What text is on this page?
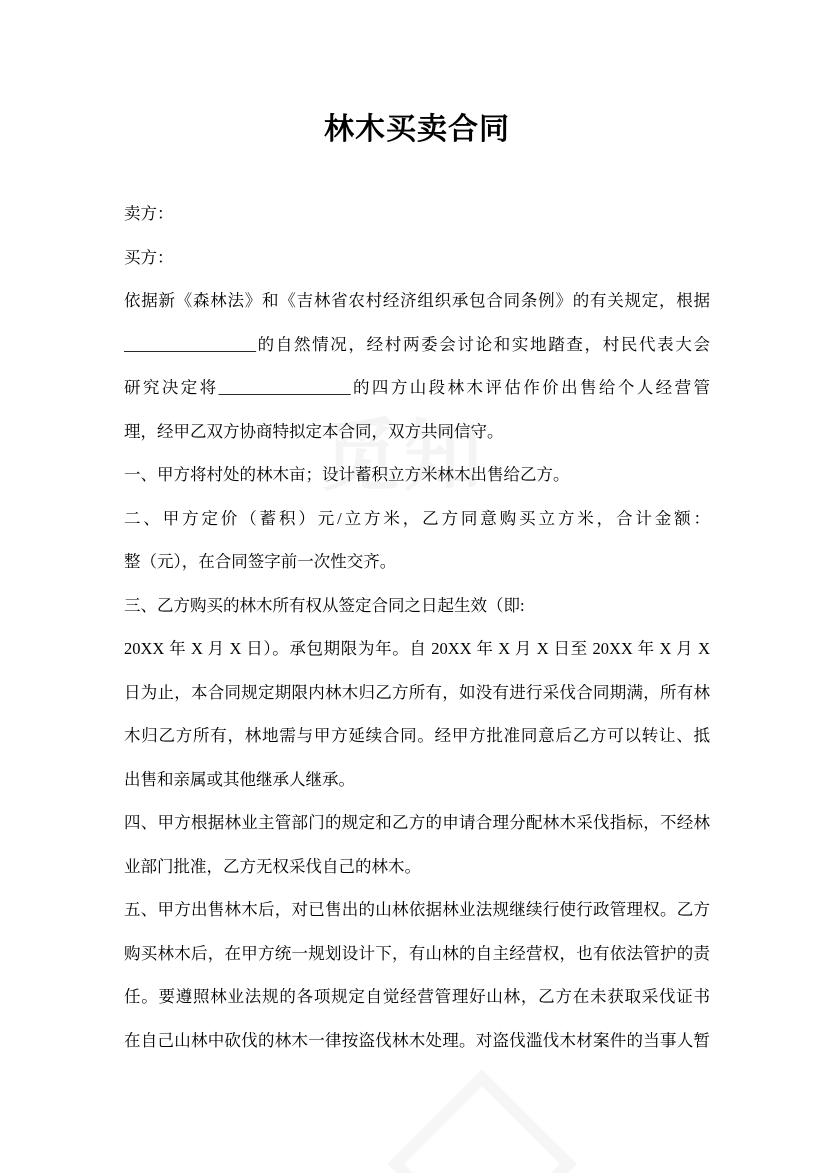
林木买卖合同
卖方：
买方：
依据新《森林法》和《吉林省农村经济组织承包合同条例》的有关规定，根据
________________的自然情况，经村两委会讨论和实地踏查，村民代表大会
研究决定将________________的四方山段林木评估作价出售给个人经营管
理，经甲乙双方协商特拟定本合同，双方共同信守。
一、甲方将村处的林木亩；设计蓄积立方米林木出售给乙方。
二、甲方定价（蓄积）元/立方米，乙方同意购买立方米，合计金额：
整（元），在合同签字前一次性交齐。
三、乙方购买的林木所有权从签定合同之日起生效（即:
20XX 年 X 月 X 日）。承包期限为年。自 20XX 年 X 月 X 日至 20XX 年 X 月 X
日为止，本合同规定期限内林木归乙方所有，如没有进行采伐合同期满，所有林
木归乙方所有，林地需与甲方延续合同。经甲方批准同意后乙方可以转让、抵
出售和亲属或其他继承人继承。
四、甲方根据林业主管部门的规定和乙方的申请合理分配林木采伐指标，不经林
业部门批准，乙方无权采伐自己的林木。
五、甲方出售林木后，对已售出的山林依据林业法规继续行使行政管理权。乙方
购买林木后，在甲方统一规划设计下，有山林的自主经营权，也有依法管护的责
任。要遵照林业法规的各项规定自觉经营管理好山林，乙方在未获取采伐证书
在自己山林中砍伐的林木一律按盗伐林木处理。对盗伐滥伐木材案件的当事人暂
